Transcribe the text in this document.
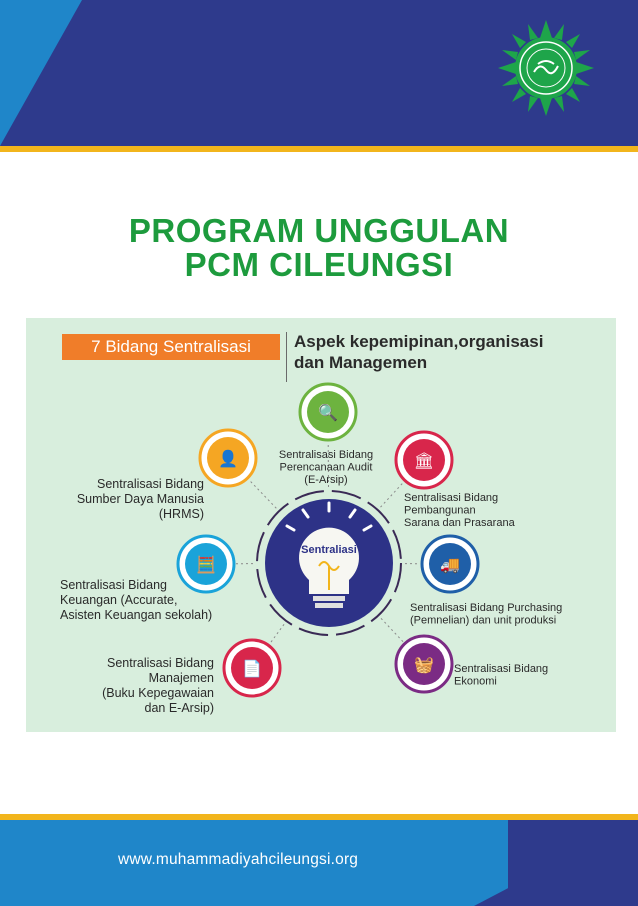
PROGRAM UNGGULAN
PCM CILEUNGSI
7 Bidang Sentralisasi	Aspek kepemipinan,organisasi
dan Managemen
Sentraliasi
🔍
Sentralisasi Bidang Perencanaan Audit (E-Arsip)
🏛
Sentralisasi Bidang Pembangunan Sarana dan Prasarana
🚚
Sentralisasi Bidang Purchasing (Pemnelian) dan unit produksi
🧺 Sentralisasi Bidang Ekonomi
📄
Sentralisasi Bidang Manajemen (Buku Kepegawaian dan E-Arsip)
🧮
Sentralisasi Bidang Keuangan (Accurate, Asisten Keuangan sekolah)
👤
Sentralisasi Bidang Sumber Daya Manusia (HRMS)
www.muhammadiyahcileungsi.org
